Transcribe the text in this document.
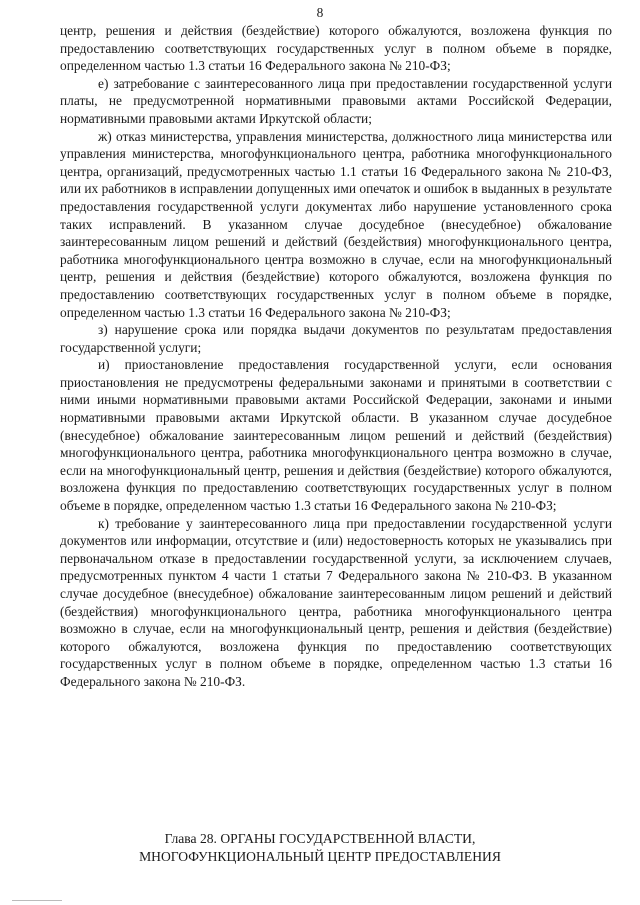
8

центр, решения и действия (бездействие) которого обжалуются, возложена функция по предоставлению соответствующих государственных услуг в полном объеме в порядке, определенном частью 1.3 статьи 16 Федерального закона № 210-ФЗ;

е) затребование с заинтересованного лица при предоставлении государственной услуги платы, не предусмотренной нормативными правовыми актами Российской Федерации, нормативными правовыми актами Иркутской области;

ж) отказ министерства, управления министерства, должностного лица министерства или управления министерства, многофункционального центра, работника многофункционального центра, организаций, предусмотренных частью 1.1 статьи 16 Федерального закона № 210-ФЗ, или их работников в исправлении допущенных ими опечаток и ошибок в выданных в результате предоставления государственной услуги документах либо нарушение установленного срока таких исправлений. В указанном случае досудебное (внесудебное) обжалование заинтересованным лицом решений и действий (бездействия) многофункционального центра, работника многофункционального центра возможно в случае, если на многофункциональный центр, решения и действия (бездействие) которого обжалуются, возложена функция по предоставлению соответствующих государственных услуг в полном объеме в порядке, определенном частью 1.3 статьи 16 Федерального закона № 210-ФЗ;

з) нарушение срока или порядка выдачи документов по результатам предоставления государственной услуги;

и) приостановление предоставления государственной услуги, если основания приостановления не предусмотрены федеральными законами и принятыми в соответствии с ними иными нормативными правовыми актами Российской Федерации, законами и иными нормативными правовыми актами Иркутской области. В указанном случае досудебное (внесудебное) обжалование заинтересованным лицом решений и действий (бездействия) многофункционального центра, работника многофункционального центра возможно в случае, если на многофункциональный центр, решения и действия (бездействие) которого обжалуются, возложена функция по предоставлению соответствующих государственных услуг в полном объеме в порядке, определенном частью 1.3 статьи 16 Федерального закона № 210-ФЗ;

к) требование у заинтересованного лица при предоставлении государственной услуги документов или информации, отсутствие и (или) недостоверность которых не указывались при первоначальном отказе в предоставлении государственной услуги, за исключением случаев, предусмотренных пунктом 4 части 1 статьи 7 Федерального закона № 210-ФЗ. В указанном случае досудебное (внесудебное) обжалование заинтересованным лицом решений и действий (бездействия) многофункционального центра, работника многофункционального центра возможно в случае, если на многофункциональный центр, решения и действия (бездействие) которого обжалуются, возложена функция по предоставлению соответствующих государственных услуг в полном объеме в порядке, определенном частью 1.3 статьи 16 Федерального закона № 210-ФЗ.

Глава 28. ОРГАНЫ ГОСУДАРСТВЕННОЙ ВЛАСТИ,
МНОГОФУНКЦИОНАЛЬНЫЙ ЦЕНТР ПРЕДОСТАВЛЕНИЯ
